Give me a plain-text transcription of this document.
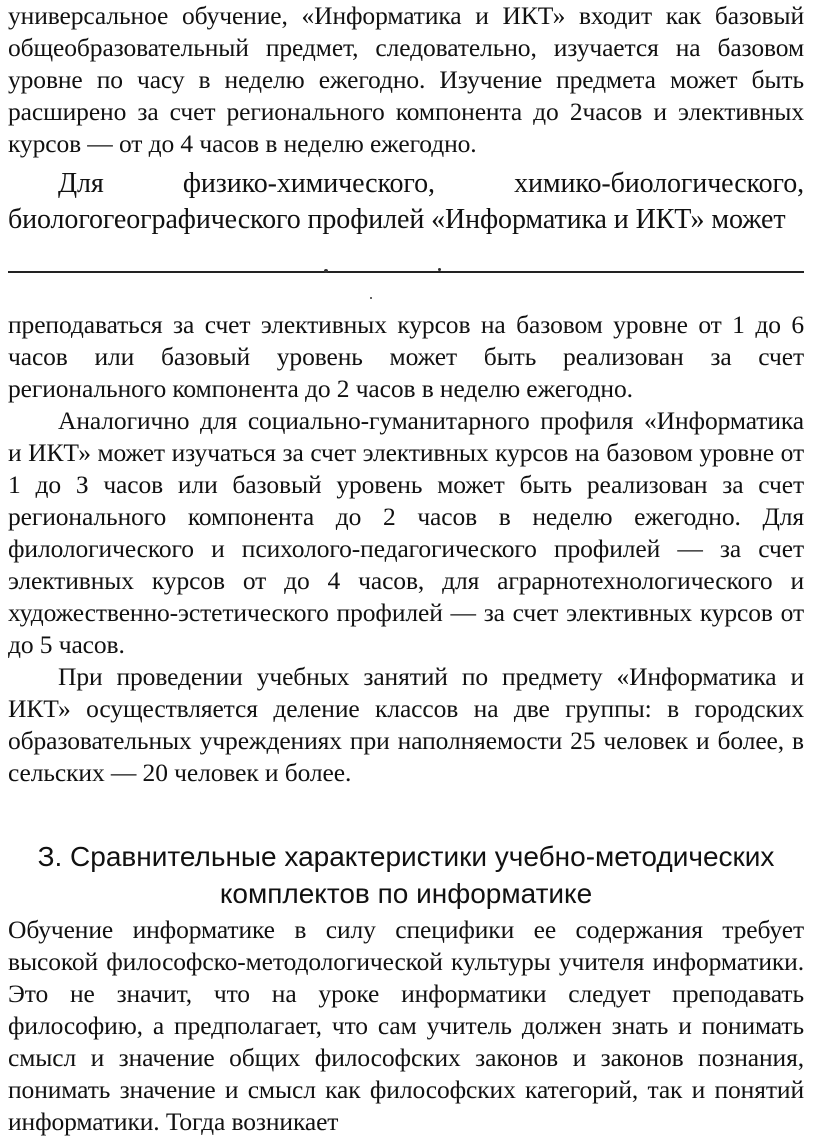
универсальное обучение, «Информатика и ИКТ» входит как базовый общеобразовательный предмет, следовательно, изучается на базовом уровне по часу в неделю ежегодно. Изучение предмета может быть расширено за счет регионального компонента до 2часов и элективных курсов — от до 4 часов в неделю ежегодно.

Для физико-химического, химико-биологического, биологогеографического профилей «Информатика и ИКТ» может

преподаваться за счет элективных курсов на базовом уровне от 1 до 6 часов или базовый уровень может быть реализован за счет регионального компонента до 2 часов в неделю ежегодно.

Аналогично для социально-гуманитарного профиля «Информатика и ИКТ» может изучаться за счет элективных курсов на базовом уровне от 1 до З часов или базовый уровень может быть реализован за счет регионального компонента до 2 часов в неделю ежегодно. Для филологического и психолого-педагогического профилей — за счет элективных курсов от до 4 часов, для аграрнотехнологического и художественно-эстетического профилей — за счет элективных курсов от до 5 часов.

При проведении учебных занятий по предмету «Информатика и ИКТ» осуществляется деление классов на две группы: в городских образовательных учреждениях при наполняемости 25 человек и более, в сельских — 20 человек и более.

З. Сравнительные характеристики учебно-методических комплектов по информатике

Обучение информатике в силу специфики ее содержания требует высокой философско-методологической культуры учителя информатики. Это не значит, что на уроке информатики следует преподавать философию, а предполагает, что сам учитель должен знать и понимать смысл и значение общих философских законов и законов познания, понимать значение и смысл как философских категорий, так и понятий информатики. Тогда возникает
